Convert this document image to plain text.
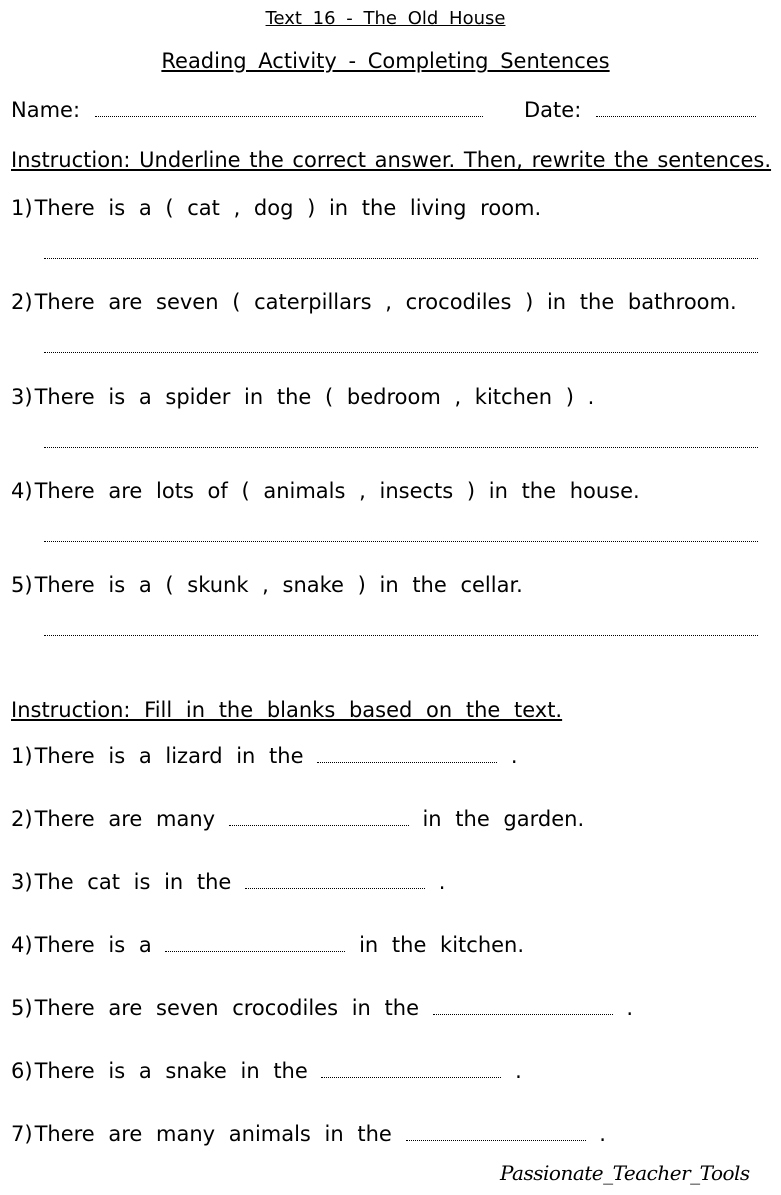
Text 16 - The Old House
Reading Activity - Completing Sentences
Name:	Date:
Instruction: Underline the correct answer. Then, rewrite the sentences.
1)There is a ( cat , dog ) in the living room.
2)There are seven ( caterpillars , crocodiles ) in the bathroom.
3)There is a spider in the ( bedroom , kitchen ) .
4)There are lots of ( animals , insects ) in the house.
5)There is a ( skunk , snake ) in the cellar.
Instruction: Fill in the blanks based on the text.
1)There is a lizard in the	.
2)There are many	in the garden.
3)The cat is in the	.
4)There is a	in the kitchen.
5)There are seven crocodiles in the	.
6)There is a snake in the	.
7)There are many animals in the	.
Passionate_Teacher_Tools
